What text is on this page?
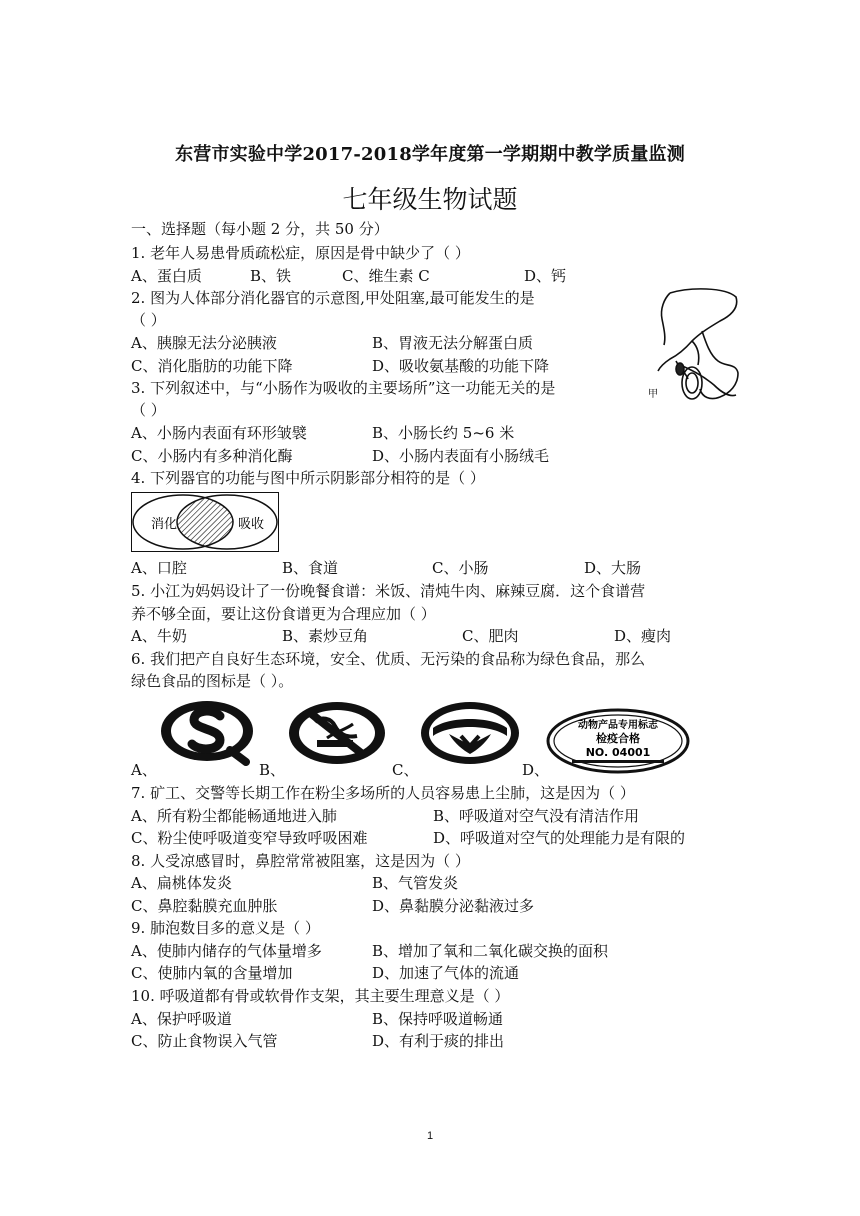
东营市实验中学2017-2018学年度第一学期期中教学质量监测
七年级生物试题
一、选择题（每小题 2 分，共 50 分）
1. 老年人易患骨质疏松症，原因是骨中缺少了（ ）
A、蛋白质	B、铁	C、维生素 C	D、钙
2. 图为人体部分消化器官的示意图,甲处阻塞,最可能发生的是
（ ）
A、胰腺无法分泌胰液	B、胃液无法分解蛋白质
C、消化脂肪的功能下降	D、吸收氨基酸的功能下降
甲
3. 下列叙述中，与“小肠作为吸收的主要场所”这一功能无关的是
（ ）
A、小肠内表面有环形皱襞	B、小肠长约 5~6 米
C、小肠内有多种消化酶	D、小肠内表面有小肠绒毛
4. 下列器官的功能与图中所示阴影部分相符的是（ ）
消化	吸收
A、口腔	B、食道	C、小肠	D、大肠
5. 小江为妈妈设计了一份晚餐食谱：米饭、清炖牛肉、麻辣豆腐．这个食谱营
养不够全面，要让这份食谱更为合理应加（ ）
A、牛奶	B、素炒豆角	C、肥肉	D、瘦肉
6. 我们把产自良好生态环境，安全、优质、无污染的食品称为绿色食品，那么
绿色食品的图标是（ ）。
动物产品专用标志
检疫合格
NO. 04001
A、	B、	C、	D、
7. 矿工、交警等长期工作在粉尘多场所的人员容易患上尘肺，这是因为（ ）
A、所有粉尘都能畅通地进入肺	B、呼吸道对空气没有清洁作用
C、粉尘使呼吸道变窄导致呼吸困难	D、呼吸道对空气的处理能力是有限的
8. 人受凉感冒时，鼻腔常常被阻塞，这是因为（ ）
A、扁桃体发炎	B、气管发炎
C、鼻腔黏膜充血肿胀	D、鼻黏膜分泌黏液过多
9. 肺泡数目多的意义是（ ）
A、使肺内储存的气体量增多	B、增加了氧和二氧化碳交换的面积
C、使肺内氧的含量增加	D、加速了气体的流通
10. 呼吸道都有骨或软骨作支架，其主要生理意义是（ ）
A、保护呼吸道	B、保持呼吸道畅通
C、防止食物误入气管	D、有利于痰的排出
1
